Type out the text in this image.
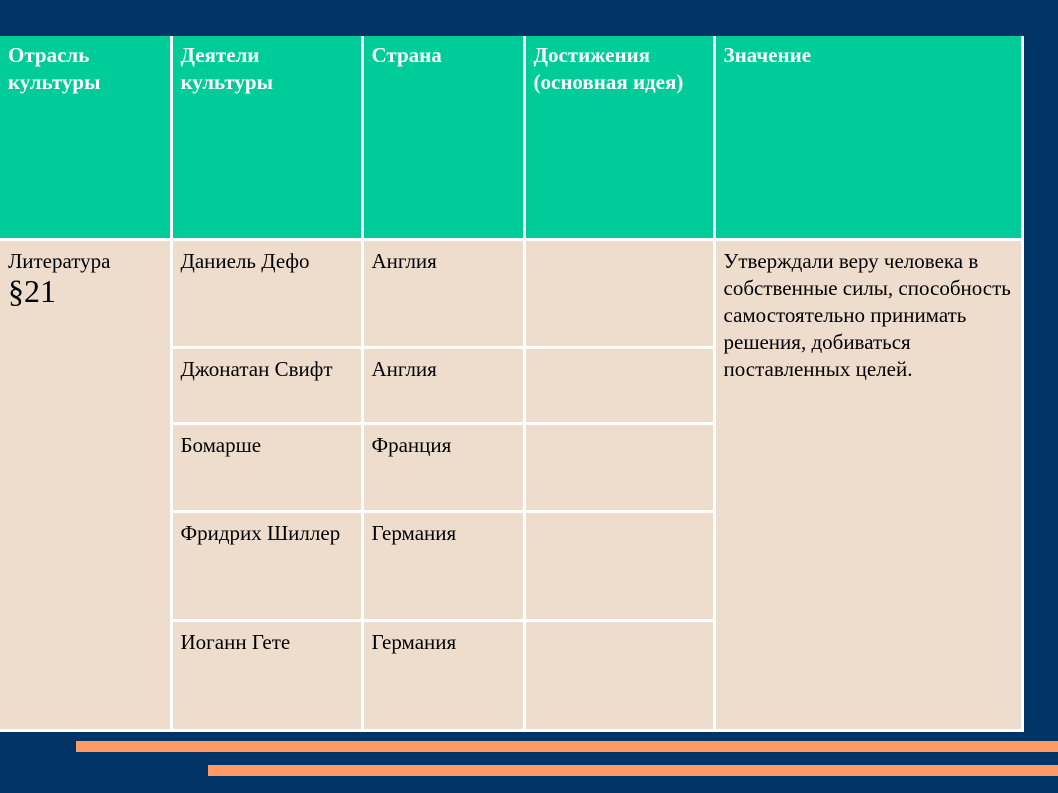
Отрасль культуры	Деятели культуры	Страна	Достижения (основная идея)	Значение
Литература
§21	Даниель Дефо	Англия		Утверждали веру человека в собственные силы, способность самостоятельно принимать решения, добиваться поставленных целей.
	Джонатан Свифт	Англия		
	Бомарше	Франция		
	Фридрих Шиллер	Германия		
	Иоганн Гете	Германия		
